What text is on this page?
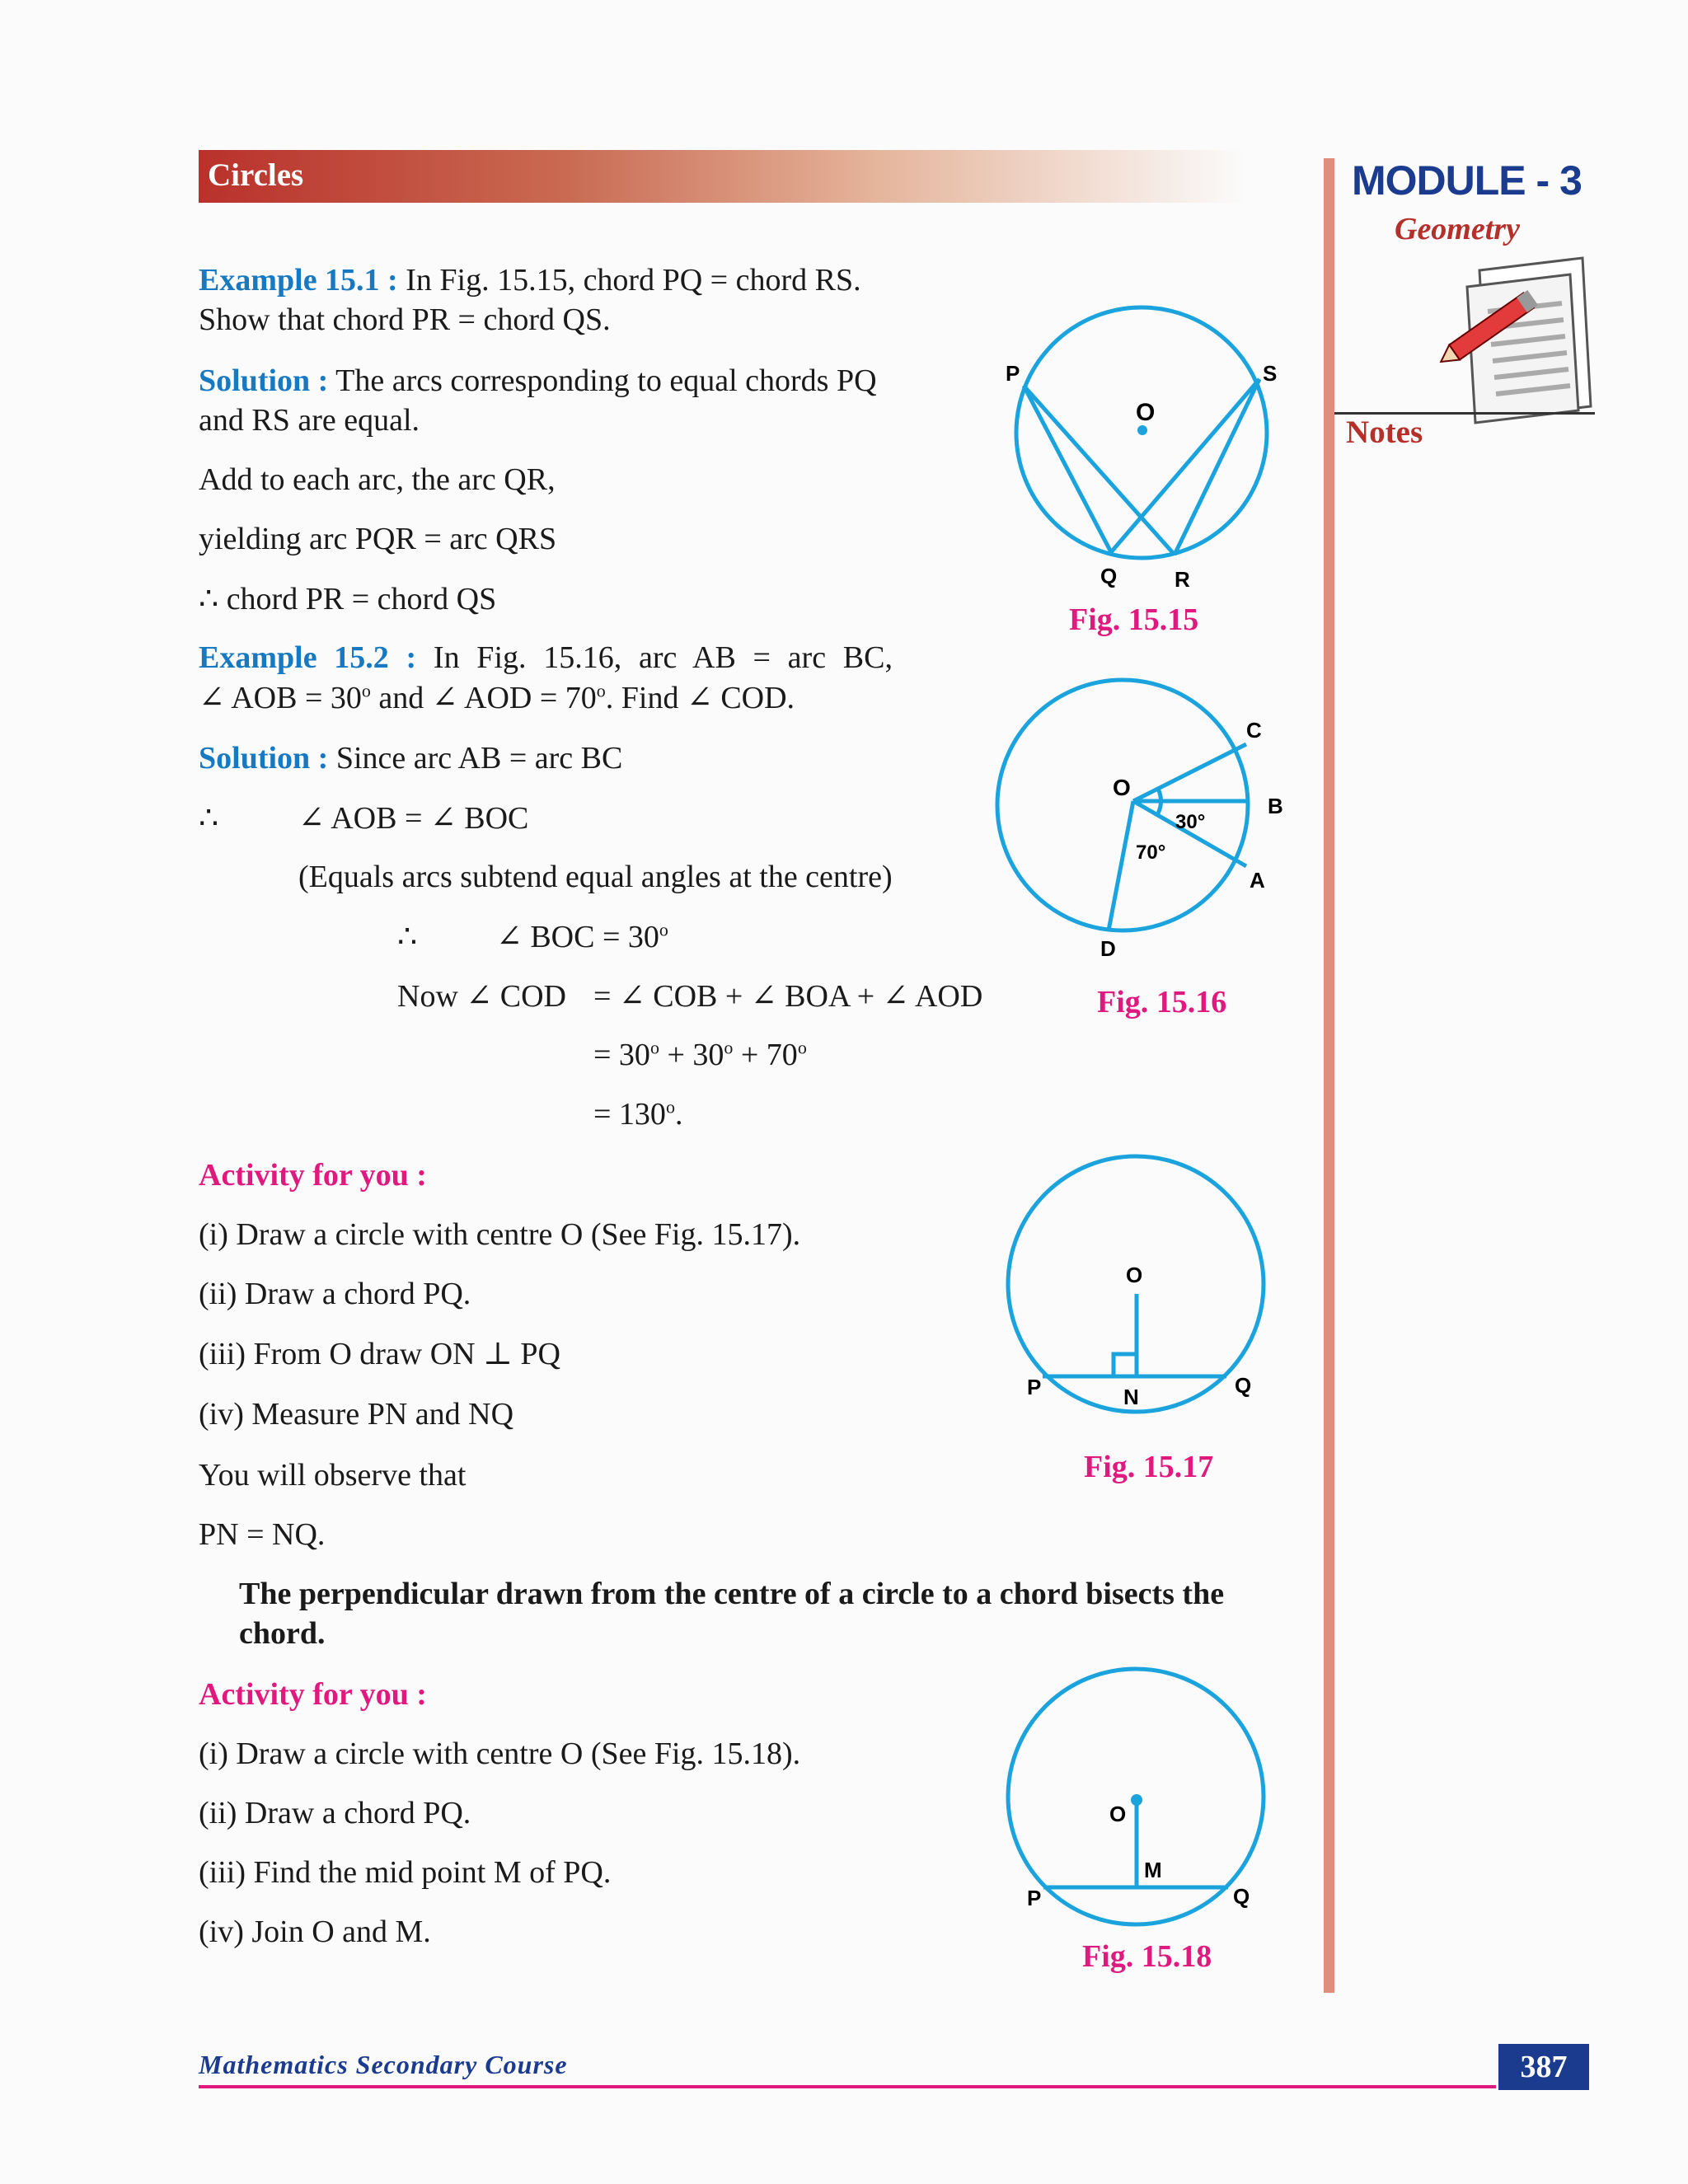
Circles	MODULE - 3
Geometry
Notes
Example 15.1 : In Fig. 15.15, chord PQ = chord RS.
Show that chord PR = chord QS.
Solution : The arcs corresponding to equal chords PQ
and RS are equal.
Add to each arc, the arc QR,
yielding arc PQR = arc QRS
∴ chord PR = chord QS
Example 15.2 : In Fig. 15.16, arc AB = arc BC,
∠ AOB = $30^o$ and ∠ AOD = $70^o$. Find ∠ COD.
Solution : Since arc AB = arc BC
∴	∠ AOB = ∠ BOC
(Equals arcs subtend equal angles at the centre)
∴	∠ BOC = $30^o$
Now ∠ COD = ∠ COB + ∠ BOA + ∠ AOD
= $30^o + 30^o + 70^o$
= $130^o$.
Activity for you :
(i) Draw a circle with centre O (See Fig. 15.17).
(ii) Draw a chord PQ.
(iii) From O draw ON ⊥ PQ
(iv) Measure PN and NQ
You will observe that
PN = NQ.
The perpendicular drawn from the centre of a circle to a chord bisects the
chord.
Activity for you :
(i) Draw a circle with centre O (See Fig. 15.18).
(ii) Draw a chord PQ.
(iii) Find the mid point M of PQ.
(iv) Join O and M.
P	S
O
Q	R
Fig. 15.15
O
C
B
A
D
30°
70°
Fig. 15.16
O
P	N	Q
Fig. 15.17
O
M
P	Q
Fig. 15.18
Mathematics Secondary Course	387
